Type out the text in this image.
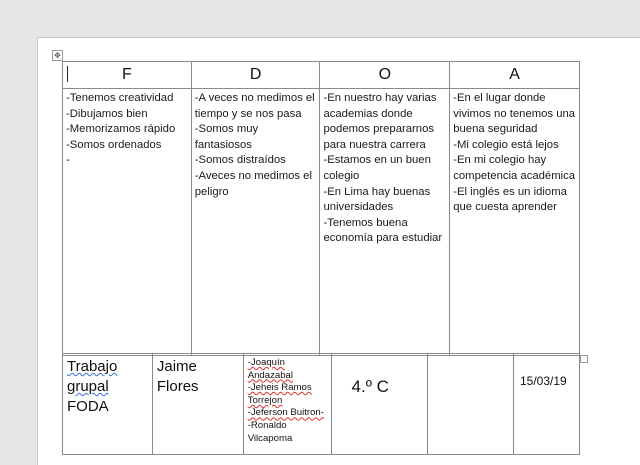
✥
F	D	O	A

-Tenemos creatividad
-Dibujamos bien
-Memorizamos rápido
-Somos ordenados
-	-A veces no medimos el tiempo y se nos pasa
-Somos muy fantasiosos
-Somos distraídos
-Aveces no medimos el peligro	-En nuestro hay varias academias donde podemos prepararnos para nuestra carrera
-Estamos en un buen colegio
-En Lima hay buenas universidades
-Tenemos buena economía para estudiar	-En el lugar donde vivimos no tenemos una buena seguridad
-Mi colegio está lejos
-En mi colegio hay competencia académica
-El inglés es un idioma que cuesta aprender
Trabajo
grupal
FODA	Jaime
Flores	-Joaquín Andazabal
-Jeheis Ramos Torrejon
-Jeferson Buitron-
-Ronaldo Vilcapoma	4.º C		15/03/19
